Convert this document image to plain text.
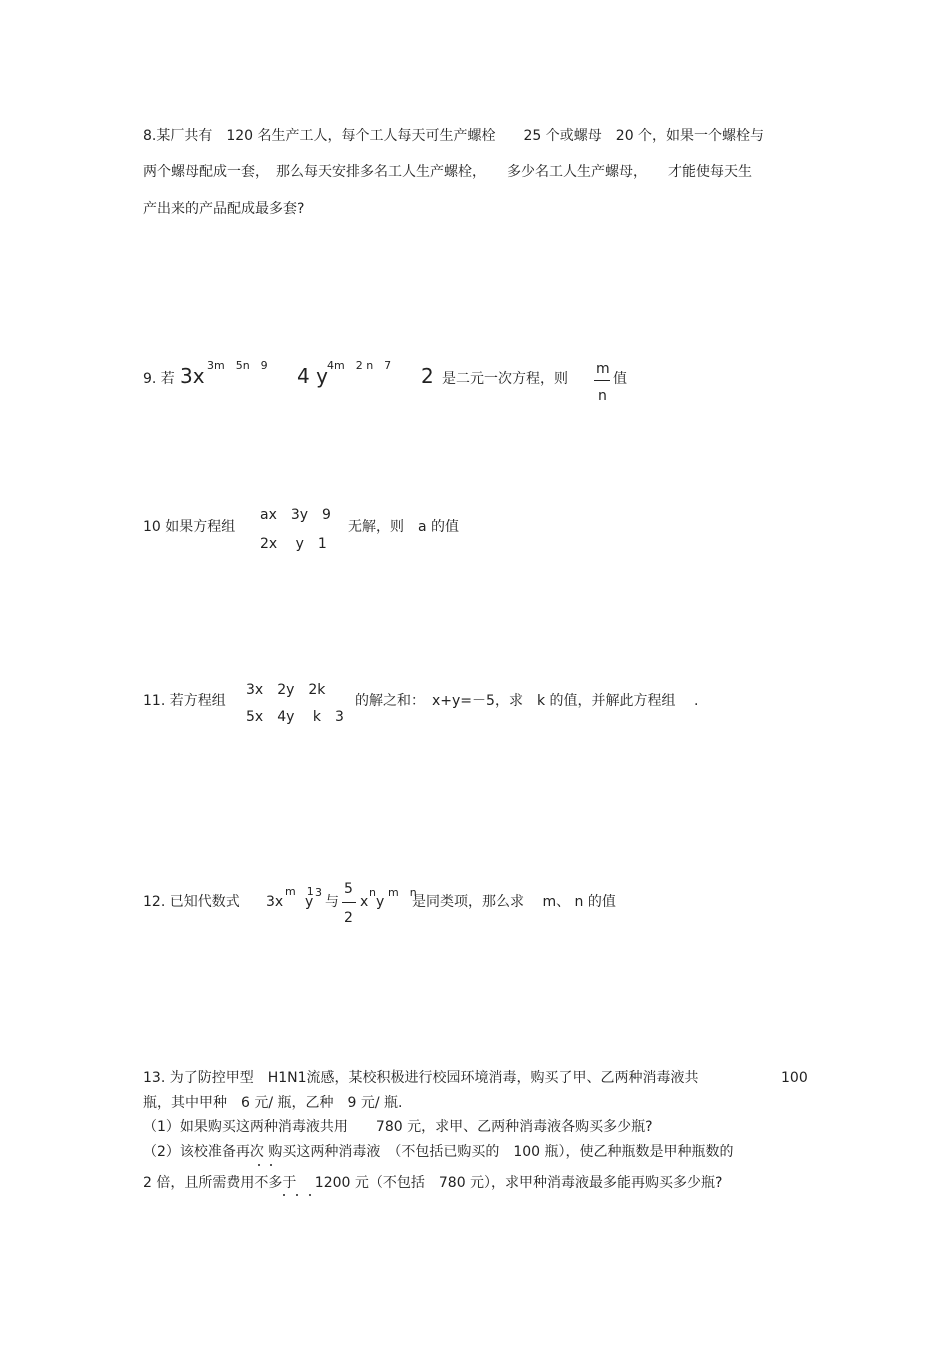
8.某厂共有　120 名生产工人，每个工人每天可生产螺栓　　25 个或螺母　20 个，如果一个螺栓与
两个螺母配成一套，　那么每天安排多名工人生产螺栓，　　多少名工人生产螺母，　　才能使每天生
产出来的产品配成最多套?
9. 若 3x 3m　5n　9 4 y 4m　2 n　7 2 是二元一次方程，则
m
n
值
10 如果方程组
ax　3y　9
2x　 y　1
无解，则　a 的值
11. 若方程组
3x　2y　2k
5x　4y　 k　3
的解之和：　x+y=－5，求　k 的值，并解此方程组　 .
12. 已知代数式 3x
m　1
y
3
与
5
2
x
n
y
m　n
是同类项，那么求　 m、 n 的值
13. 为了防控甲型　H1N1流感，某校积极进行校园环境消毒，购买了甲、乙两种消毒液共	100
瓶，其中甲种　6 元/ 瓶，乙种　9 元/ 瓶.
（1）如果购买这两种消毒液共用　　780 元，求甲、乙两种消毒液各购买多少瓶?
（2）该校准备再次 购买这两种消毒液　（不包括已购买的　100 瓶），使乙种瓶数是甲种瓶数的
2 倍，且所需费用不多于　 1200 元（不包括　780 元），求甲种消毒液最多能再购买多少瓶?
